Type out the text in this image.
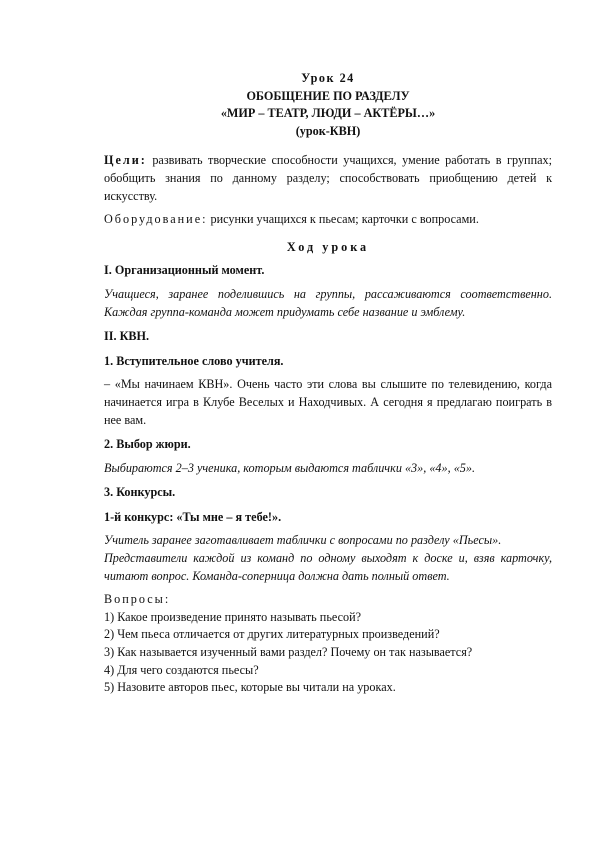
Урок 24

ОБОБЩЕНИЕ ПО РАЗДЕЛУ

«МИР – ТЕАТР, ЛЮДИ – АКТЁРЫ…»

(урок-КВН)

Цели: развивать творческие способности учащихся, умение работать в группах; обобщить знания по данному разделу; способствовать приобщению детей к искусству.

Оборудование: рисунки учащихся к пьесам; карточки с вопросами.

Ход урока

I. Организационный момент.

Учащиеся, заранее поделившись на группы, рассаживаются соответственно. Каждая группа-команда может придумать себе название и эмблему.

II. КВН.

1. Вступительное слово учителя.

– «Мы начинаем КВН». Очень часто эти слова вы слышите по телевидению, когда начинается игра в Клубе Веселых и Находчивых. А сегодня я предлагаю поиграть в нее вам.

2. Выбор жюри.

Выбираются 2–3 ученика, которым выдаются таблички «3», «4», «5».

3. Конкурсы.

1-й конкурс: «Ты мне – я тебе!».

Учитель заранее заготавливает таблички с вопросами по разделу «Пьесы».

Представители каждой из команд по одному выходят к доске и, взяв карточку, читают вопрос. Команда-соперница должна дать полный ответ.

Вопросы:

1) Какое произведение принято называть пьесой?

2) Чем пьеса отличается от других литературных произведений?

3) Как называется изученный вами раздел? Почему он так называется?

4) Для чего создаются пьесы?

5) Назовите авторов пьес, которые вы читали на уроках.
